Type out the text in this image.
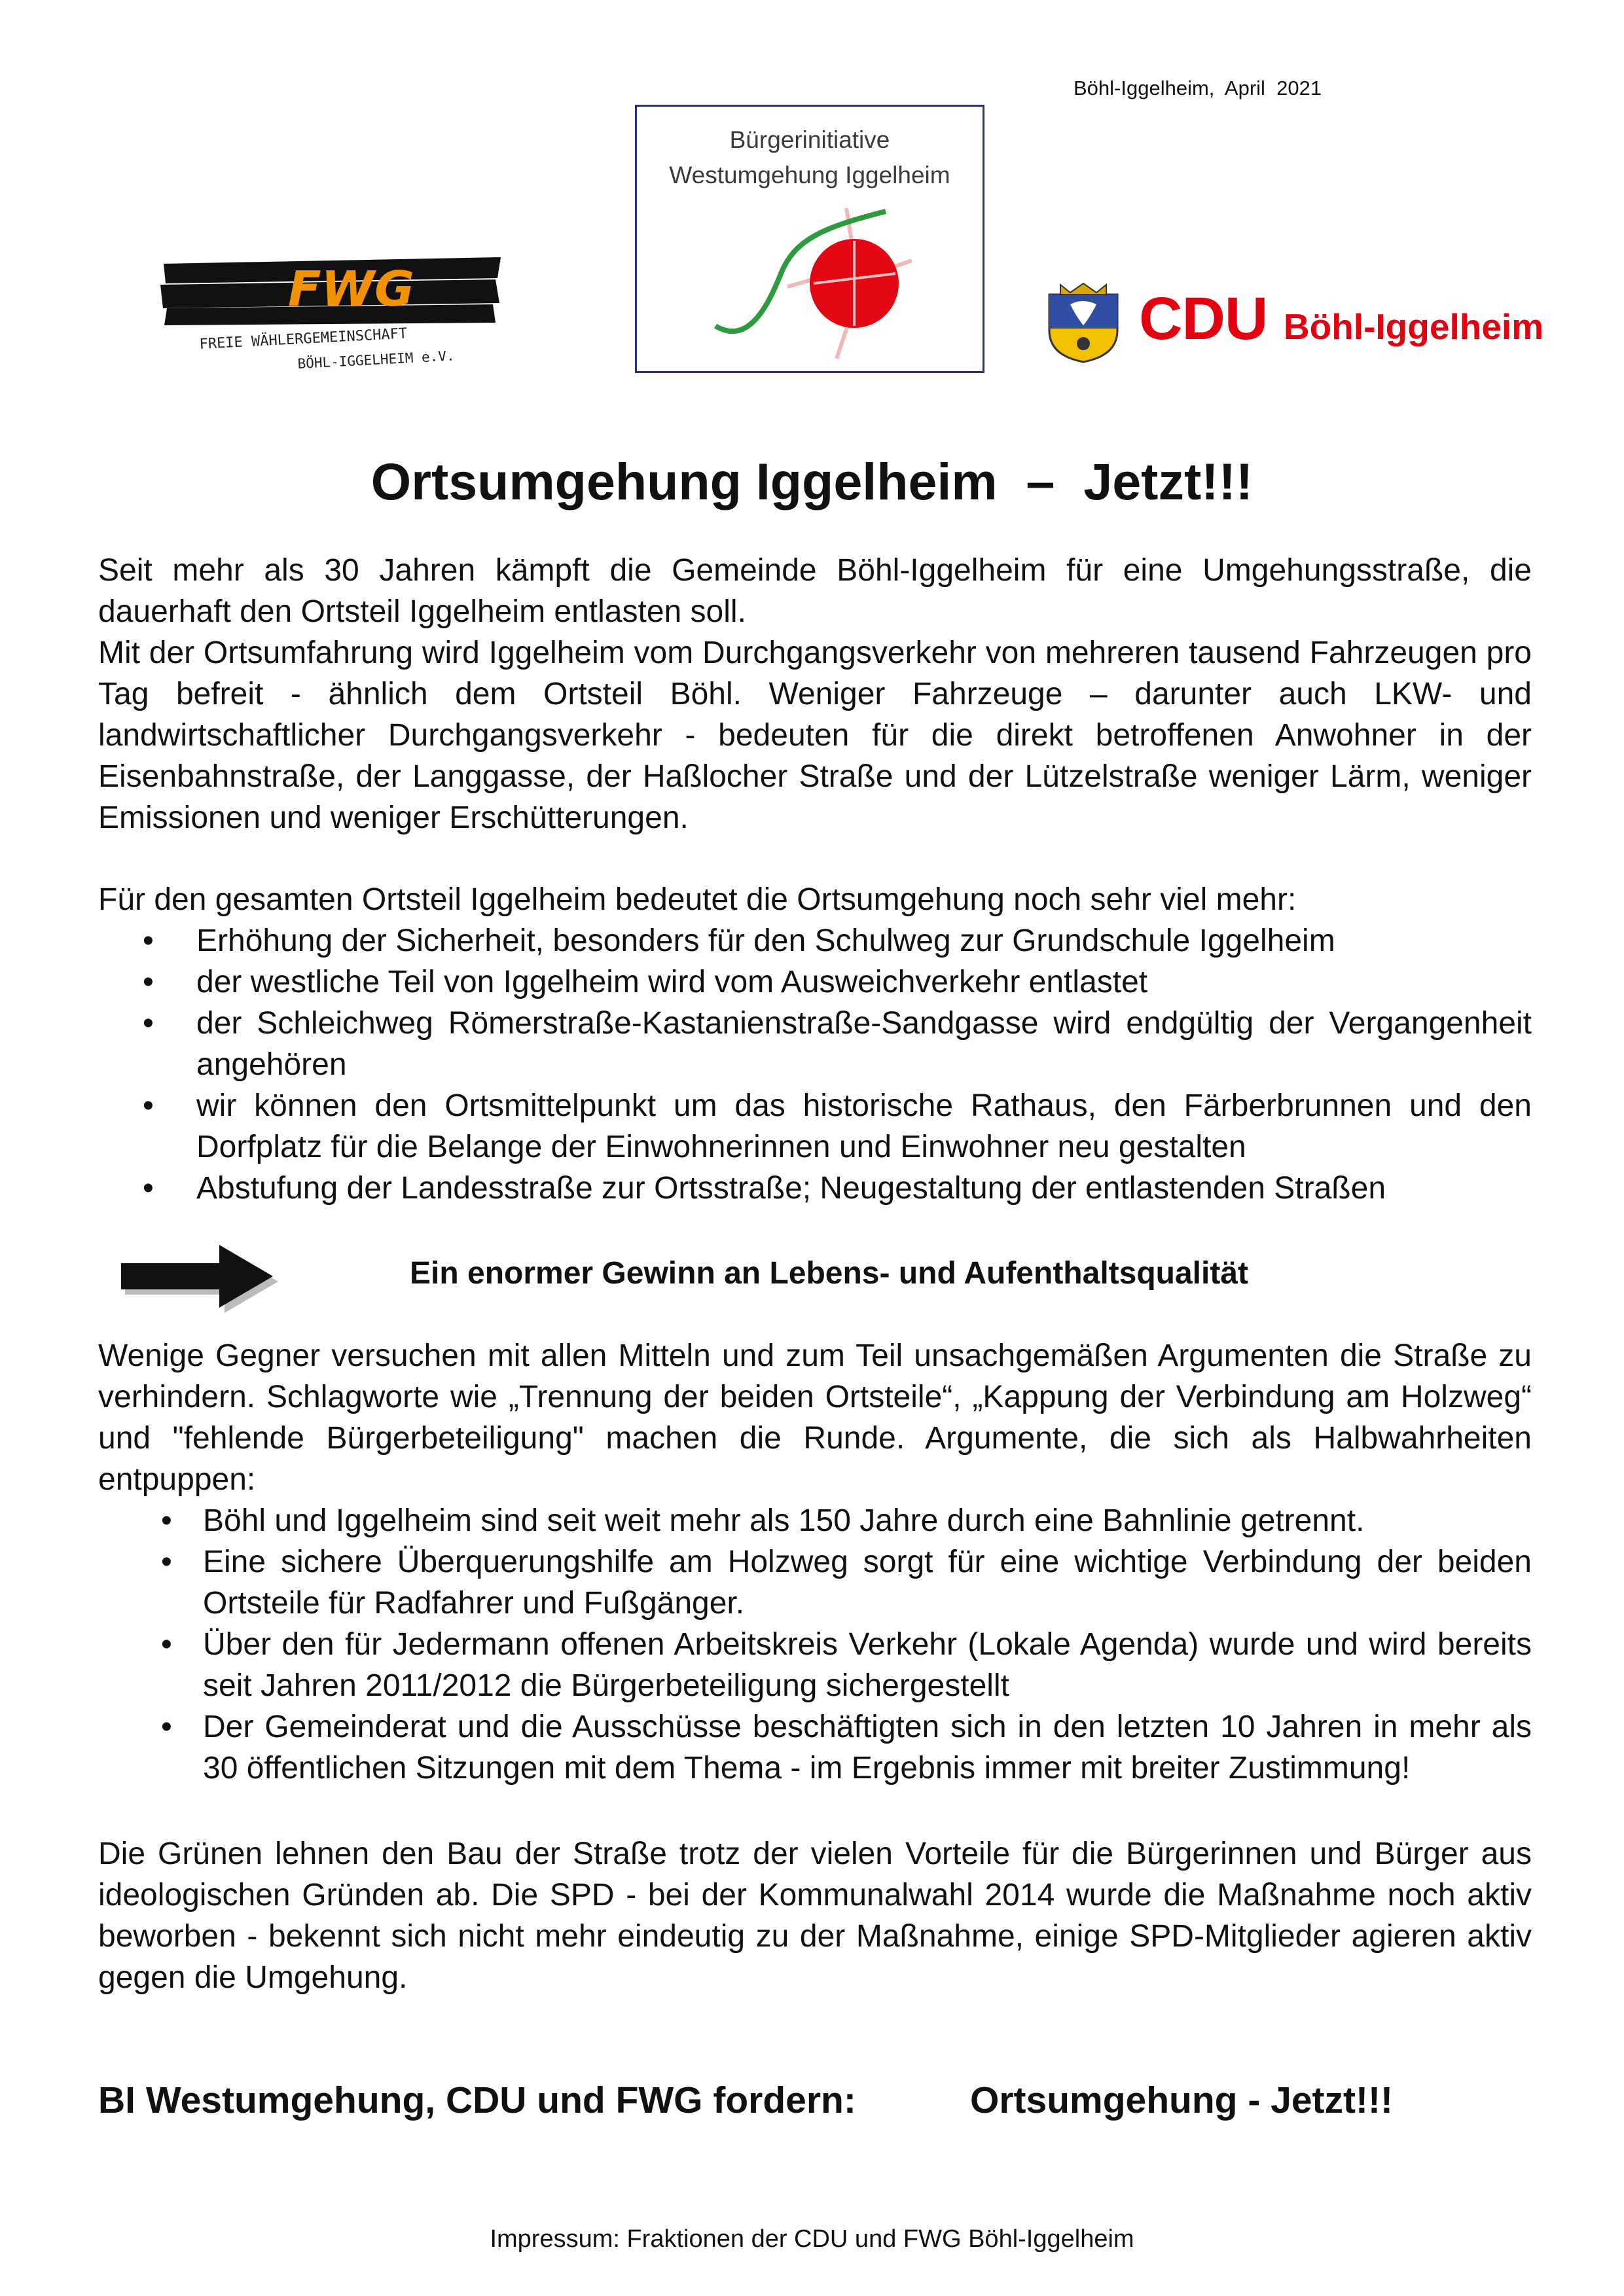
Böhl-Iggelheim,  April  2021
FWG
FREIE WÄHLERGEMEINSCHAFT
BÖHL-IGGELHEIM e.V.
Bürgerinitiative
Westumgehung Iggelheim
CDU Böhl-Iggelheim
Ortsumgehung Iggelheim  –  Jetzt!!!

Seit mehr als 30 Jahren kämpft die Gemeinde Böhl-Iggelheim für eine Umgehungsstraße, die dauerhaft den Ortsteil Iggelheim entlasten soll.

Mit der Ortsumfahrung wird Iggelheim vom Durchgangsverkehr von mehreren tausend Fahrzeugen pro Tag befreit - ähnlich dem Ortsteil Böhl. Weniger Fahrzeuge – darunter auch LKW- und landwirtschaftlicher Durchgangsverkehr - bedeuten für die direkt betroffenen Anwohner in der Eisenbahnstraße, der Langgasse, der Haßlocher Straße und der Lützelstraße weniger Lärm, weniger Emissionen und weniger Erschütterungen.

Für den gesamten Ortsteil Iggelheim bedeutet die Ortsumgehung noch sehr viel mehr:

• Erhöhung der Sicherheit, besonders für den Schulweg zur Grundschule Iggelheim
• der westliche Teil von Iggelheim wird vom Ausweichverkehr entlastet
• der Schleichweg Römerstraße-Kastanienstraße-Sandgasse wird endgültig der Vergangenheit angehören
• wir können den Ortsmittelpunkt um das historische Rathaus, den Färberbrunnen und den Dorfplatz für die Belange der Einwohnerinnen und Einwohner neu gestalten
• Abstufung der Landesstraße zur Ortsstraße; Neugestaltung der entlastenden Straßen
Ein enormer Gewinn an Lebens- und Aufenthaltsqualität

Wenige Gegner versuchen mit allen Mitteln und zum Teil unsachgemäßen Argumenten die Straße zu verhindern. Schlagworte wie „Trennung der beiden Ortsteile“, „Kappung der Verbindung am Holzweg“ und "fehlende Bürgerbeteiligung" machen die Runde. Argumente, die sich als Halbwahrheiten entpuppen:

• Böhl und Iggelheim sind seit weit mehr als 150 Jahre durch eine Bahnlinie getrennt.
• Eine sichere Überquerungshilfe am Holzweg sorgt für eine wichtige Verbindung der beiden Ortsteile für Radfahrer und Fußgänger.
• Über den für Jedermann offenen Arbeitskreis Verkehr (Lokale Agenda) wurde und wird bereits seit Jahren 2011/2012 die Bürgerbeteiligung sichergestellt
• Der Gemeinderat und die Ausschüsse beschäftigten sich in den letzten 10 Jahren in mehr als 30 öffentlichen Sitzungen mit dem Thema - im Ergebnis immer mit breiter Zustimmung!

Die Grünen lehnen den Bau der Straße trotz der vielen Vorteile für die Bürgerinnen und Bürger aus ideologischen Gründen ab. Die SPD - bei der Kommunalwahl 2014 wurde die Maßnahme noch aktiv beworben - bekennt sich nicht mehr eindeutig zu der Maßnahme, einige SPD-Mitglieder agieren aktiv gegen die Umgehung.

BI Westumgehung, CDU und FWG fordern:	Ortsumgehung - Jetzt!!!
Impressum: Fraktionen der CDU und FWG Böhl-Iggelheim
